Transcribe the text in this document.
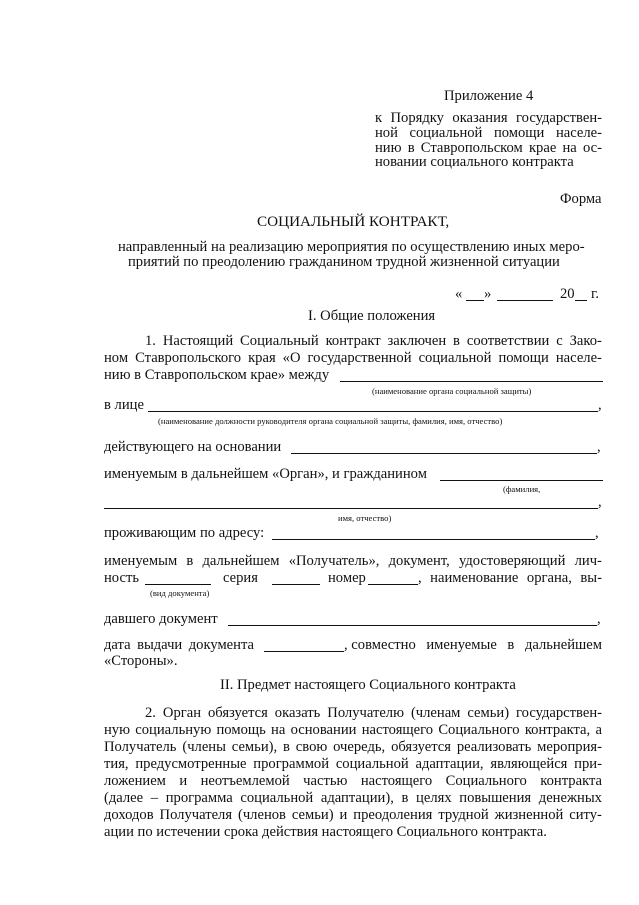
Приложение 4
к Порядку оказания государствен-
ной социальной помощи населе-
нию в Ставропольском крае на ос-
новании социального контракта
Форма
СОЦИАЛЬНЫЙ КОНТРАКТ,
направленный на реализацию мероприятия по осуществлению иных меро-
приятий по преодолению гражданином трудной жизненной ситуации
« »	20 г.
I. Общие положения
1. Настоящий Социальный контракт заключен в соответствии с Зако-
ном Ставропольского края «О государственной социальной помощи населе-
нию в Ставропольском крае» между
(наименование органа социальной защиты)
в лице	,
(наименование должности руководителя органа социальной защиты, фамилия, имя, отчество)
действующего на основании	,
именуемым в дальнейшем «Орган», и гражданином
(фамилия,
,
имя, отчество)
проживающим по адресу:	,
именуемым в дальнейшем «Получатель», документ, удостоверяющий лич-
ность	серия	номер	, наименование органа, вы-
(вид документа)
давшего документ	,
дата выдачи документа	, совместно именуемые в дальнейшем
«Стороны».
II. Предмет настоящего Социального контракта
2. Орган обязуется оказать Получателю (членам семьи) государствен-
ную социальную помощь на основании настоящего Социального контракта, а
Получатель (члены семьи), в свою очередь, обязуется реализовать мероприя-
тия, предусмотренные программой социальной адаптации, являющейся при-
ложением и неотъемлемой частью настоящего Социального контракта
(далее – программа социальной адаптации), в целях повышения денежных
доходов Получателя (членов семьи) и преодоления трудной жизненной ситу-
ации по истечении срока действия настоящего Социального контракта.
